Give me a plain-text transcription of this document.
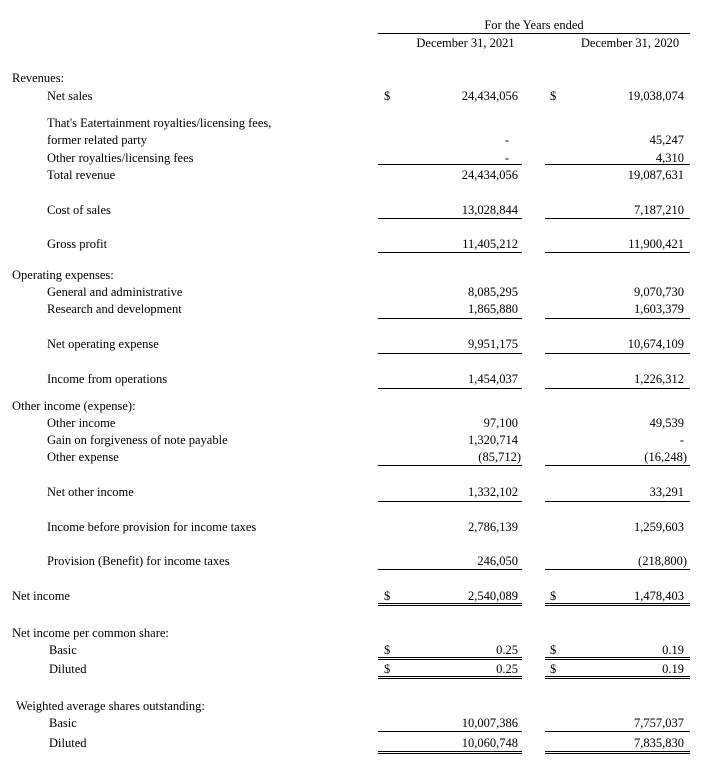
For the Years ended
December 31, 2021	December 31, 2020
Revenues:
Net sales	$	24,434,056	$	19,038,074
That's Eatertainment royalties/licensing fees,
former related party	-	45,247
Other royalties/licensing fees	-	4,310
Total revenue	24,434,056	19,087,631
Cost of sales	13,028,844	7,187,210
Gross profit	11,405,212	11,900,421
Operating expenses:
General and administrative	8,085,295	9,070,730
Research and development	1,865,880	1,603,379
Net operating expense	9,951,175	10,674,109
Income from operations	1,454,037	1,226,312
Other income (expense):
Other income	97,100	49,539
Gain on forgiveness of note payable	1,320,714	-
Other expense	(85,712)	(16,248)
Net other income	1,332,102	33,291
Income before provision for income taxes	2,786,139	1,259,603
Provision (Benefit) for income taxes	246,050	(218,800)
Net income	$	2,540,089	$	1,478,403
Net income per common share:
Basic	$	0.25	$	0.19
Diluted	$	0.25	$	0.19
Weighted average shares outstanding:
Basic	10,007,386	7,757,037
Diluted	10,060,748	7,835,830
